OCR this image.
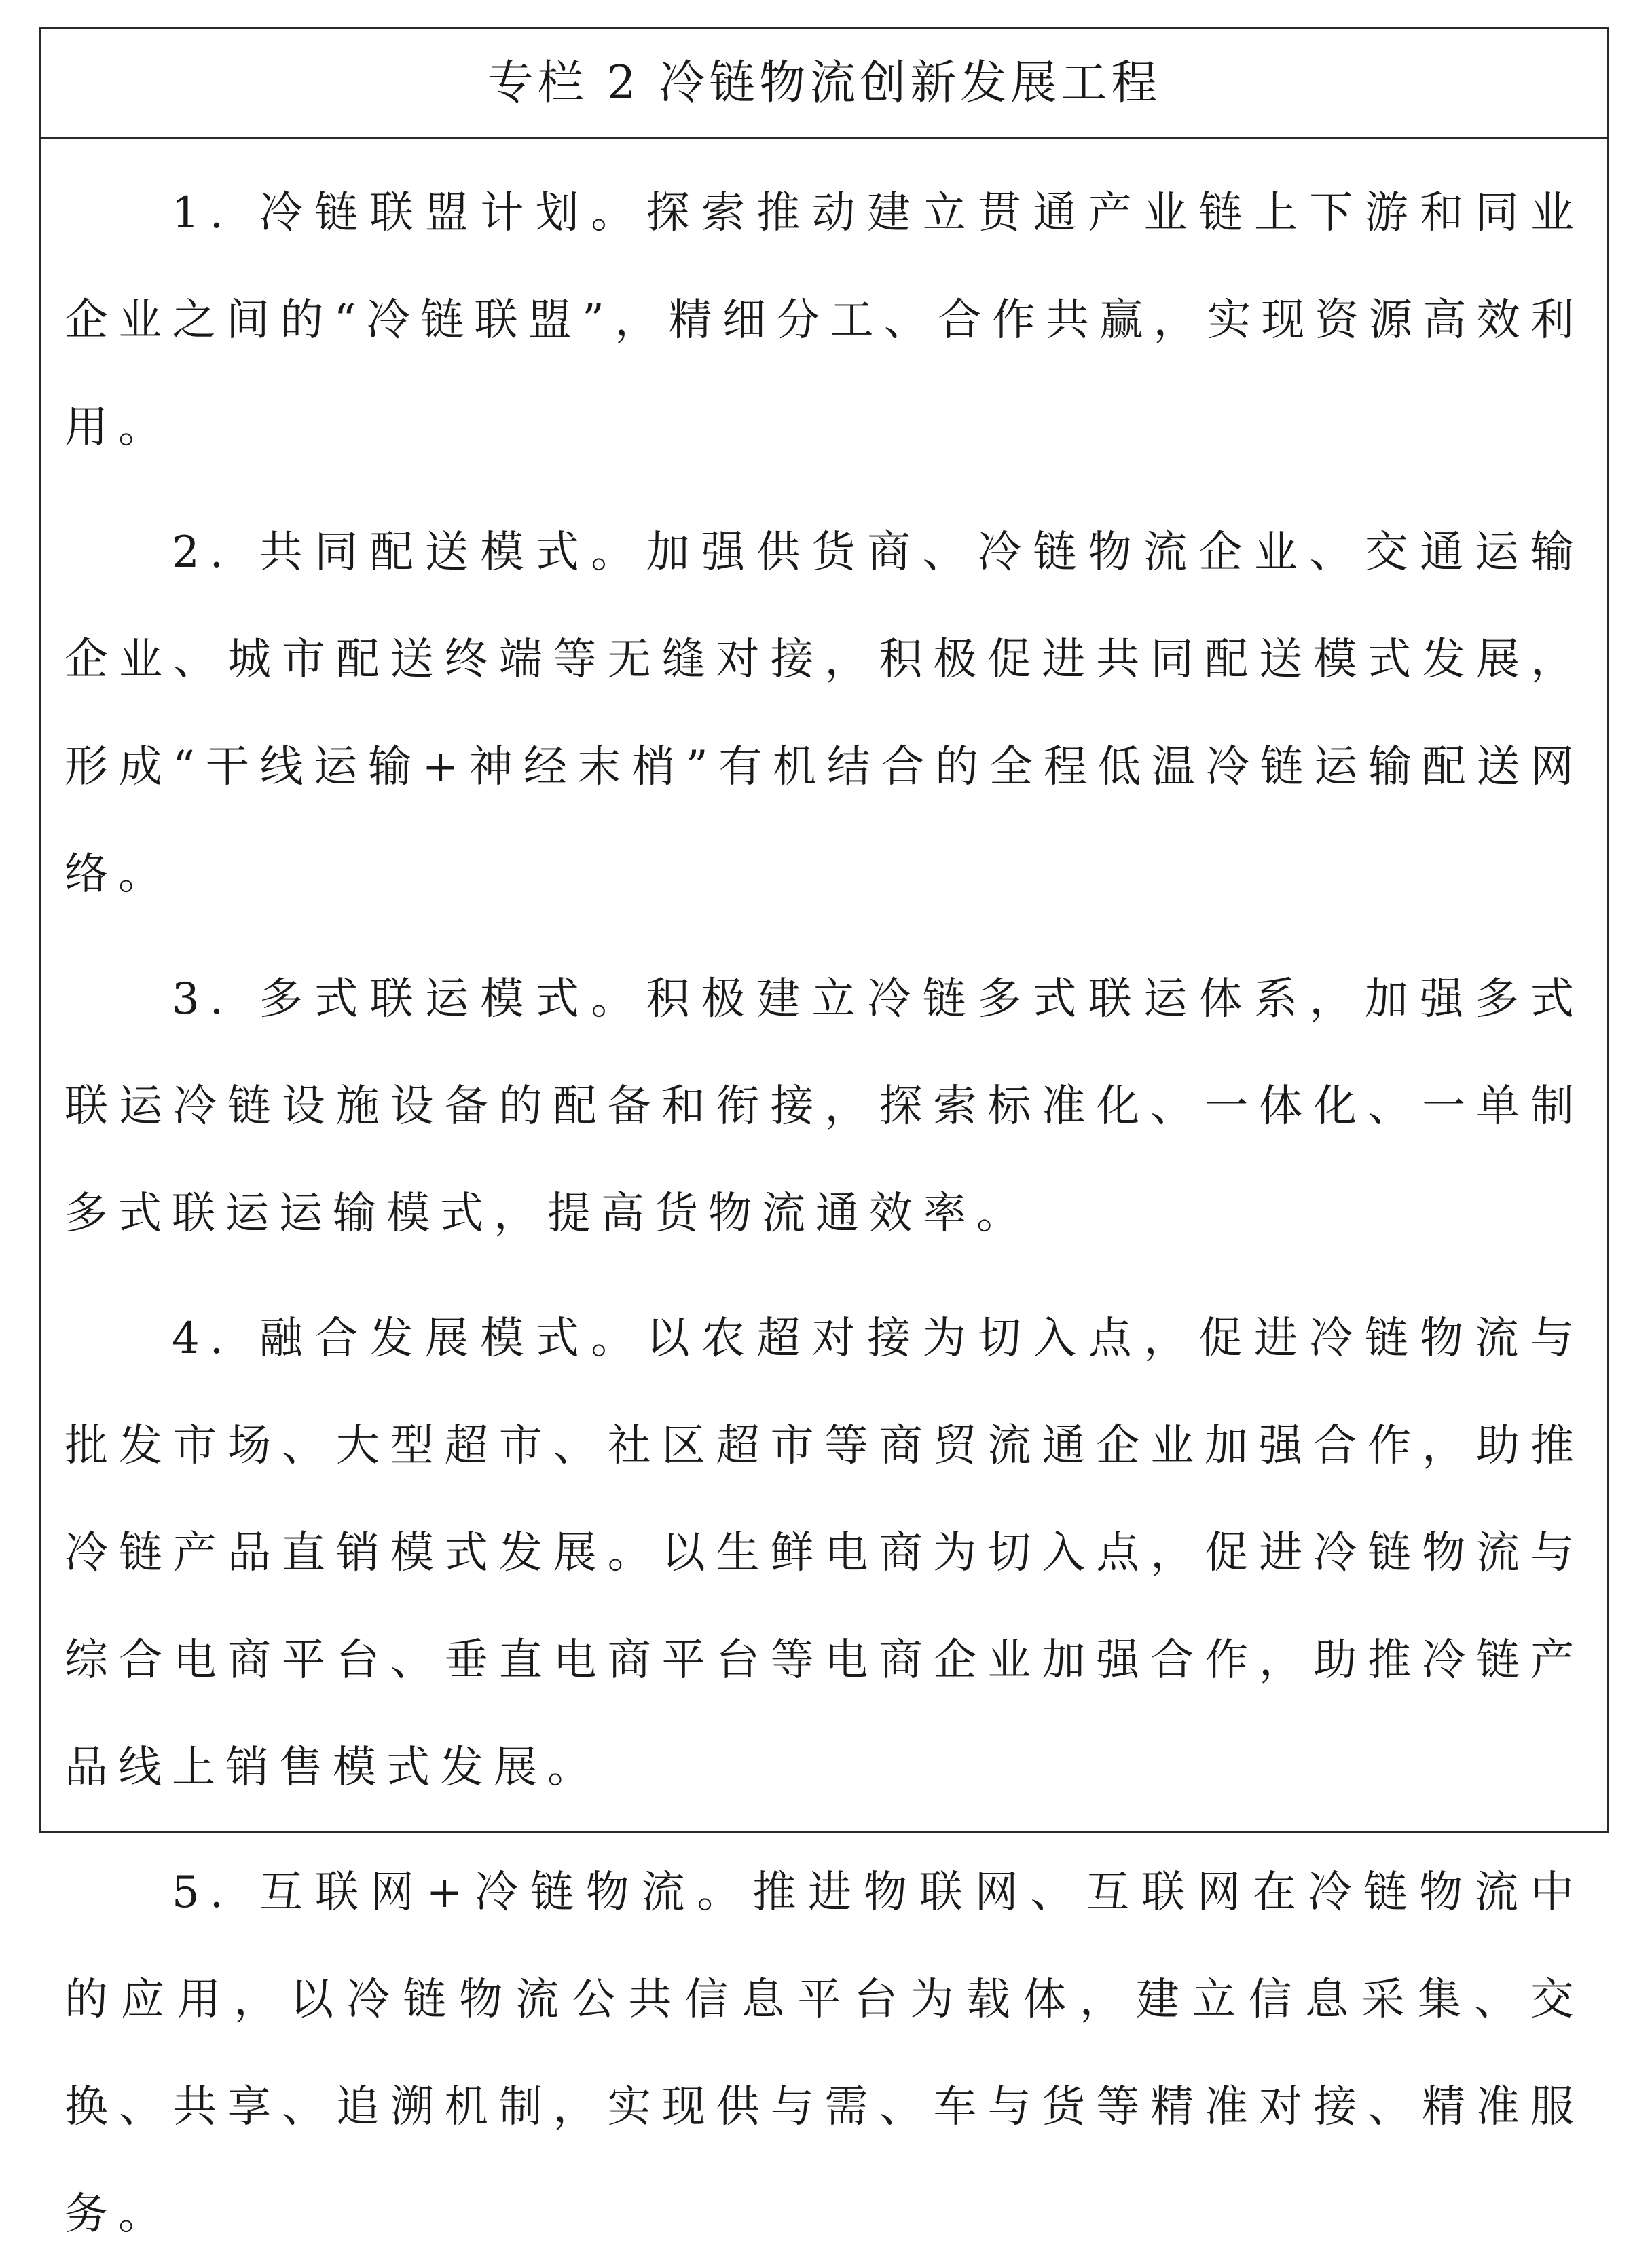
专栏 2 冷链物流创新发展工程

1. 冷链联盟计划。探索推动建立贯通产业链上下游和同业企业之间的“冷链联盟”，精细分工、合作共赢，实现资源高效利用。

2. 共同配送模式。加强供货商、冷链物流企业、交通运输企业、城市配送终端等无缝对接，积极促进共同配送模式发展，形成“干线运输+神经末梢”有机结合的全程低温冷链运输配送网络。

3. 多式联运模式。积极建立冷链多式联运体系，加强多式联运冷链设施设备的配备和衔接，探索标准化、一体化、一单制多式联运运输模式，提高货物流通效率。

4. 融合发展模式。以农超对接为切入点，促进冷链物流与批发市场、大型超市、社区超市等商贸流通企业加强合作，助推冷链产品直销模式发展。以生鲜电商为切入点，促进冷链物流与综合电商平台、垂直电商平台等电商企业加强合作，助推冷链产品线上销售模式发展。

5. 互联网+冷链物流。推进物联网、互联网在冷链物流中的应用，以冷链物流公共信息平台为载体，建立信息采集、交换、共享、追溯机制，实现供与需、车与货等精准对接、精准服务。
